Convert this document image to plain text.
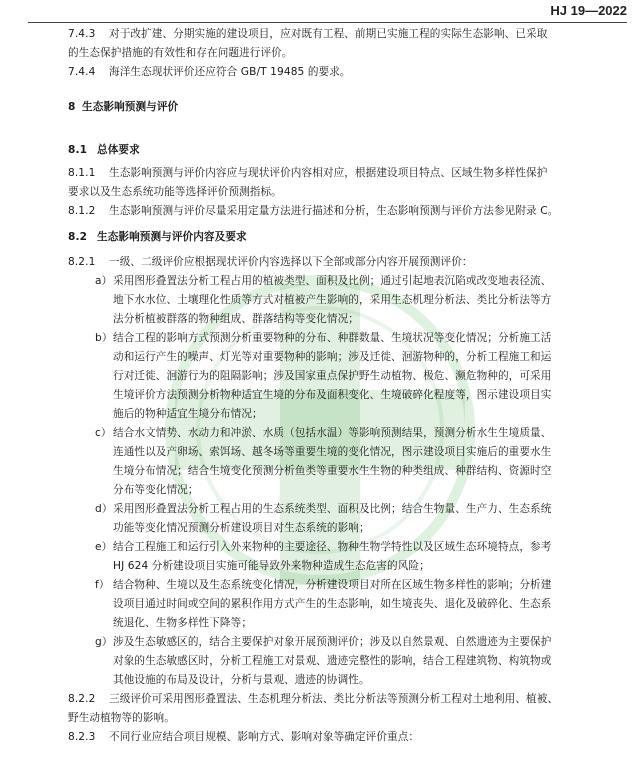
HJ 19—2022
7.4.3 对于改扩建、分期实施的建设项目，应对既有工程、前期已实施工程的实际生态影响、已采取
的生态保护措施的有效性和存在问题进行评价。
7.4.4 海洋生态现状评价还应符合 GB/T 19485 的要求。
8 生态影响预测与评价
8.1 总体要求
8.1.1 生态影响预测与评价内容应与现状评价内容相对应，根据建设项目特点、区域生物多样性保护
要求以及生态系统功能等选择评价预测指标。
8.1.2 生态影响预测与评价尽量采用定量方法进行描述和分析，生态影响预测与评价方法参见附录 C。
8.2 生态影响预测与评价内容及要求
8.2.1 一级、二级评价应根据现状评价内容选择以下全部或部分内容开展预测评价：
a）采用图形叠置法分析工程占用的植被类型、面积及比例；通过引起地表沉陷或改变地表径流、
地下水水位、土壤理化性质等方式对植被产生影响的，采用生态机理分析法、类比分析法等方
法分析植被群落的物种组成、群落结构等变化情况；
b）结合工程的影响方式预测分析重要物种的分布、种群数量、生境状况等变化情况；分析施工活
动和运行产生的噪声、灯光等对重要物种的影响；涉及迁徙、洄游物种的，分析工程施工和运
行对迁徙、洄游行为的阻隔影响；涉及国家重点保护野生动植物、极危、濒危物种的，可采用
生境评价方法预测分析物种适宜生境的分布及面积变化、生境破碎化程度等，图示建设项目实
施后的物种适宜生境分布情况；
c）结合水文情势、水动力和冲淤、水质（包括水温）等影响预测结果，预测分析水生生境质量、
连通性以及产卵场、索饵场、越冬场等重要生境的变化情况，图示建设项目实施后的重要水生
生境分布情况；结合生境变化预测分析鱼类等重要水生生物的种类组成、种群结构、资源时空
分布等变化情况；
d）采用图形叠置法分析工程占用的生态系统类型、面积及比例；结合生物量、生产力、生态系统
功能等变化情况预测分析建设项目对生态系统的影响；
e）结合工程施工和运行引入外来物种的主要途径、物种生物学特性以及区域生态环境特点，参考
HJ 624 分析建设项目实施可能导致外来物种造成生态危害的风险；
f） 结合物种、生境以及生态系统变化情况，分析建设项目对所在区域生物多样性的影响；分析建
设项目通过时间或空间的累积作用方式产生的生态影响，如生境丧失、退化及破碎化、生态系
统退化、生物多样性下降等；
g）涉及生态敏感区的，结合主要保护对象开展预测评价；涉及以自然景观、自然遗迹为主要保护
对象的生态敏感区时，分析工程施工对景观、遗迹完整性的影响，结合工程建筑物、构筑物或
其他设施的布局及设计，分析与景观、遗迹的协调性。
8.2.2 三级评价可采用图形叠置法、生态机理分析法、类比分析法等预测分析工程对土地利用、植被、
野生动植物等的影响。
8.2.3 不同行业应结合项目规模、影响方式、影响对象等确定评价重点：
